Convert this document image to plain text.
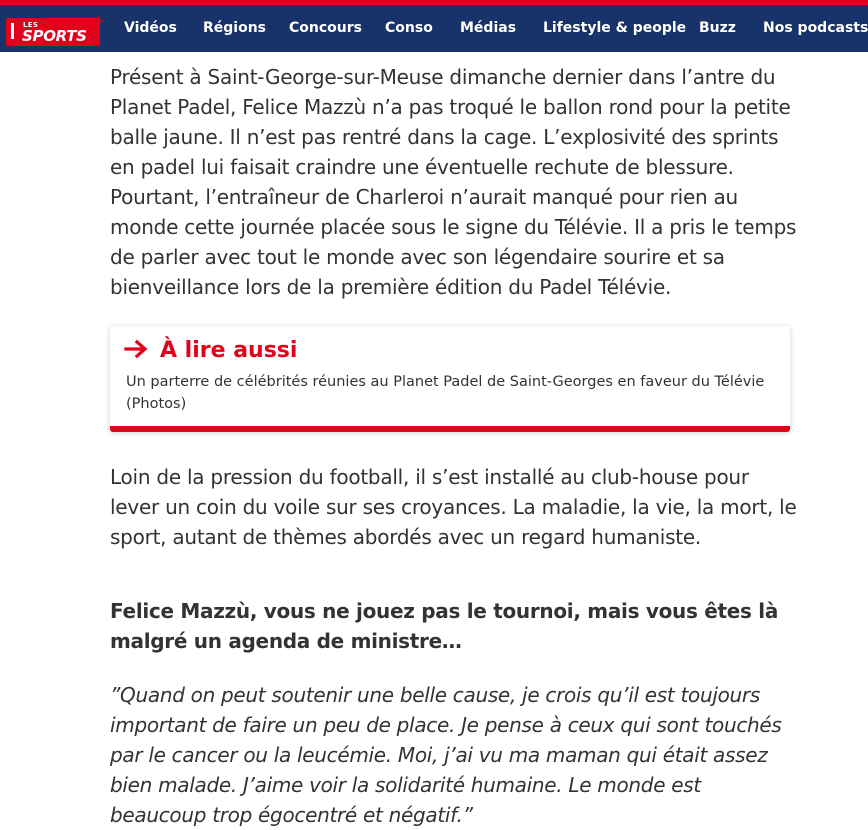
LES
SPORTS
+ Vidéos Régions Concours Conso Médias Lifestyle & people Buzz Nos podcasts

Présent à Saint-George-sur-Meuse dimanche dernier dans l’antre du Planet Padel, Felice Mazzù n’a pas troqué le ballon rond pour la petite balle jaune. Il n’est pas rentré dans la cage. L’explosivité des sprints en padel lui faisait craindre une éventuelle rechute de blessure. Pourtant, l’entraîneur de Charleroi n’aurait manqué pour rien au monde cette journée placée sous le signe du Télévie. Il a pris le temps de parler avec tout le monde avec son légendaire sourire et sa bienveillance lors de la première édition du Padel Télévie.

À lire aussi
Un parterre de célébrités réunies au Planet Padel de Saint-Georges en faveur du Télévie (Photos)

Loin de la pression du football, il s’est installé au club-house pour lever un coin du voile sur ses croyances. La maladie, la vie, la mort, le sport, autant de thèmes abordés avec un regard humaniste.

Felice Mazzù, vous ne jouez pas le tournoi, mais vous êtes là malgré un agenda de ministre…

”Quand on peut soutenir une belle cause, je crois qu’il est toujours important de faire un peu de place. Je pense à ceux qui sont touchés par le cancer ou la leucémie. Moi, j’ai vu ma maman qui était assez bien malade. J’aime voir la solidarité humaine. Le monde est beaucoup trop égocentré et négatif.”
